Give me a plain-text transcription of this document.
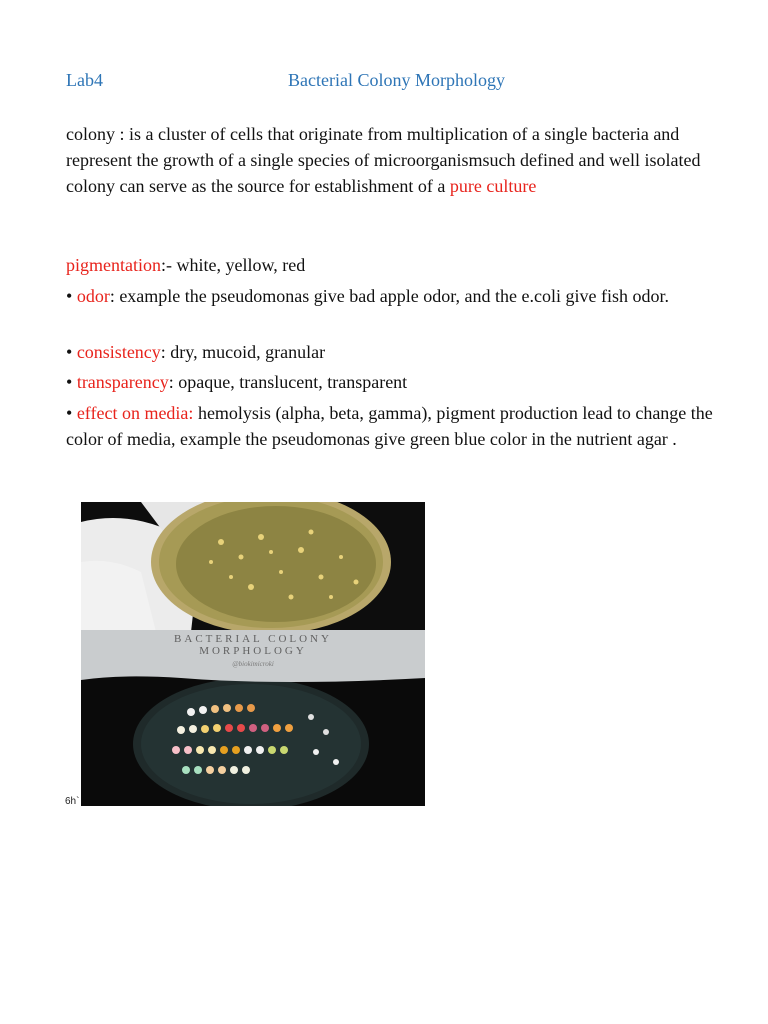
Lab4	Bacterial Colony Morphology
colony : is a cluster of cells that originate from multiplication of a single bacteria and represent the growth of a single species of microorganismsuch defined and well isolated colony can serve as the source for establishment of a pure culture
pigmentation:- white, yellow, red
• odor: example the pseudomonas give bad apple odor, and the e.coli give fish odor.
• consistency: dry, mucoid, granular
• transparency: opaque, translucent, transparent
• effect on media: hemolysis (alpha, beta, gamma), pigment production lead to change the color of media, example the pseudomonas give green blue color in the nutrient agar .
BACTERIAL COLONY
MORPHOLOGY
@biokimicroki
6h`
